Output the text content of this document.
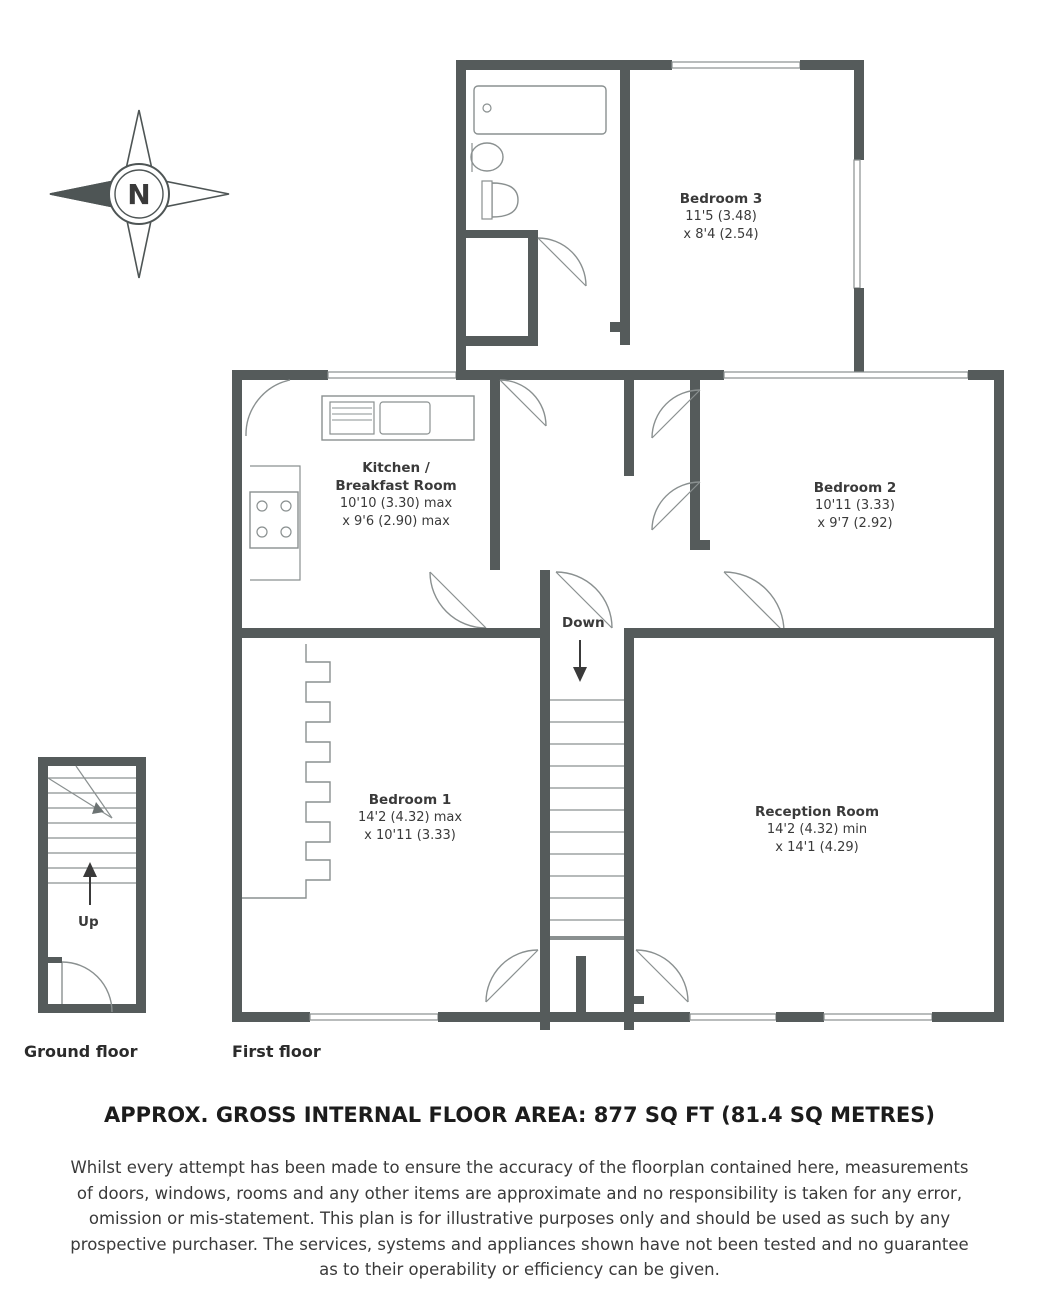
N	Bedroom 3
11'5 (3.48)
x 8'4 (2.54)
Bedroom 2
10'11 (3.33)
x 9'7 (2.92)
Kitchen /
Breakfast Room
10'10 (3.30) max
x 9'6 (2.90) max
Bedroom 1
14'2 (4.32) max
x 10'11 (3.33)
Reception Room
14'2 (4.32) min
x 14'1 (4.29)
Up
Down
Ground floor	First floor
APPROX. GROSS INTERNAL FLOOR AREA: 877 SQ FT (81.4 SQ METRES)
Whilst every attempt has been made to ensure the accuracy of the floorplan contained here, measurements
of doors, windows, rooms and any other items are approximate and no responsibility is taken for any error,
omission or mis-statement. This plan is for illustrative purposes only and should be used as such by any
prospective purchaser. The services, systems and appliances shown have not been tested and no guarantee
as to their operability or efficiency can be given.
